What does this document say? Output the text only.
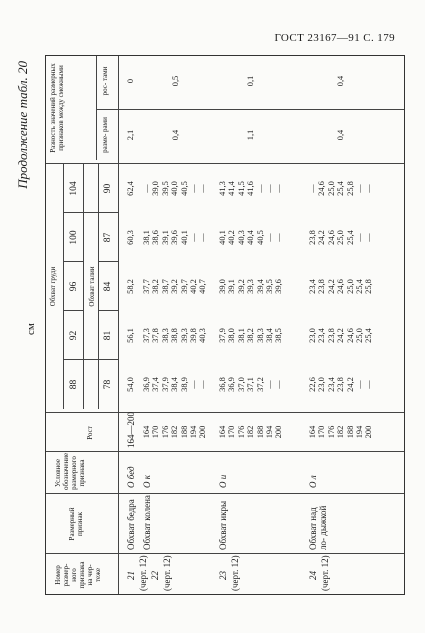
ГОСТ 23167—91 С. 179
Продолжение табл. 20
см
Номер размер- ного признака на чер- теже
Размерный признак
Условное обозначение размерного признака
Рост
Обхват груди	Обхват талии
Разность значений размерных признаков между смежными	разме- рами
рос- тами
88
92
96
100
104
78
81
84
87
90
21 (черт. 12)
Обхват бедра
О бед
164—200
54,0
56,1
58,2
60,3
62,4
2,1
0
22 (черт. 12)
Обхват колена
О к
164
170
176
182
188
194
200
36,9
37,4
37,9
38,4
38,9
—
—
37,3
37,8
38,3
38,8
39,3
39,8
40,3
37,7
38,2
38,7
39,2
39,7
40,2
40,7
38,1
38,6
39,1
39,6
40,1
—
—
—
39,0
39,5
40,0
40,5
—
—
0,4
0,5
23 (черт. 12)
Обхват икры
О и
164
170
176
182
188
194
200
36,8
36,9
37,0
37,1
37,2
—
—
37,9
38,0
38,1
38,2
38,3
38,4
38,5
39,0
39,1
39,2
39,3
39,4
39,5
39,6
40,1
40,2
40,3
40,4
40,5
—
—
41,3
41,4
41,5
41,6
—
—
—
1,1
0,1
24 (черт. 12)
Обхват над ло- дыжкой
О л
164
170
176
182
188
194
200
22,6
23,0
23,4
23,8
24,2
—
—
23,0
23,4
23,8
24,2
24,6
25,0
25,4
23,4
23,8
24,2
24,6
25,0
25,4
25,8
23,8
24,2
24,6
25,0
25,4
—
—
—
24,6
25,0
25,4
25,8
—
—
0,4
0,4
